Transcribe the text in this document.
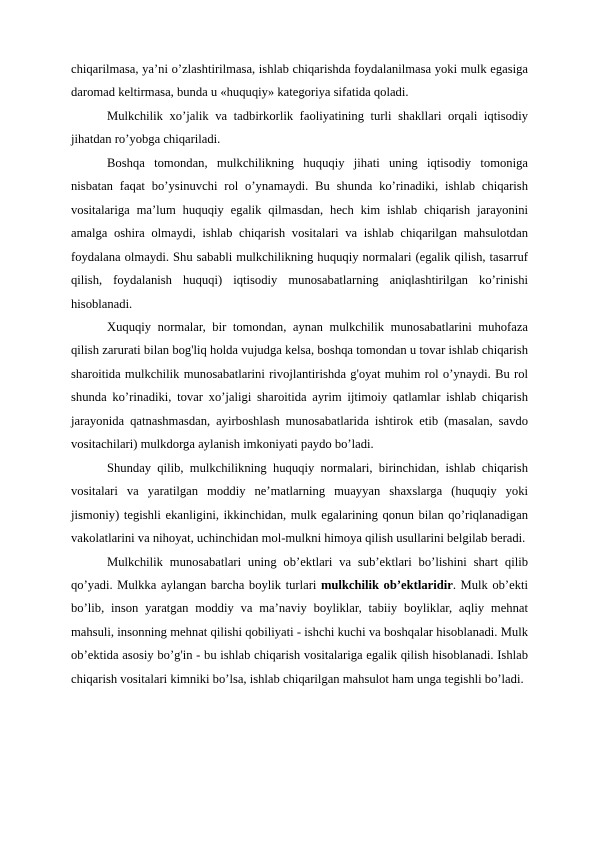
chiqarilmasa, ya’ni o’zlashtirilmasa, ishlab chiqarishda foydalanilmasa yoki mulk egasiga daromad keltirmasa, bunda u «huquqiy» kategoriya sifatida qoladi.

Mulkchilik xo’jalik va tadbirkorlik faoliyatining turli shakllari orqali iqtisodiy jihatdan ro’yobga chiqariladi.

Boshqa tomondan, mulkchilikning huquqiy jihati uning iqtisodiy tomoniga nisbatan faqat bo’ysinuvchi rol o’ynamaydi. Bu shunda ko’rinadiki, ishlab chiqarish vositalariga ma’lum huquqiy egalik qilmasdan, hech kim ishlab chiqarish jarayonini amalga oshira olmaydi, ishlab chiqarish vositalari va ishlab chiqarilgan mahsulotdan foydalana olmaydi. Shu sababli mulkchilikning huquqiy normalari (egalik qilish, tasarruf qilish, foydalanish huquqi) iqtisodiy munosabatlarning aniqlashtirilgan ko’rinishi hisoblanadi.

Xuquqiy normalar, bir tomondan, aynan mulkchilik munosabatlarini muhofaza qilish zarurati bilan bog'liq holda vujudga kelsa, boshqa tomondan u tovar ishlab chiqarish sharoitida mulkchilik munosabatlarini rivojlantirishda g'oyat muhim rol o’ynaydi. Bu rol shunda ko’rinadiki, tovar xo’jaligi sharoitida ayrim ijtimoiy qatlamlar ishlab chiqarish jarayonida qatnashmasdan, ayirboshlash munosabatlarida ishtirok etib (masalan, savdo vositachilari) mulkdorga aylanish imkoniyati paydo bo’ladi.

Shunday qilib, mulkchilikning huquqiy normalari, birinchidan, ishlab chiqarish vositalari va yaratilgan moddiy ne’matlarning muayyan shaxslarga (huquqiy yoki jismoniy) tegishli ekanligini, ikkinchidan, mulk egalarining qonun bilan qo’riqlanadigan vakolatlarini va nihoyat, uchinchidan mol-mulkni himoya qilish usullarini belgilab beradi.

Mulkchilik munosabatlari uning ob’ektlari va sub’ektlari bo’lishini shart qilib qo’yadi. Mulkka aylangan barcha boylik turlari mulkchilik ob’ektlaridir. Mulk ob’ekti bo’lib, inson yaratgan moddiy va ma’naviy boyliklar, tabiiy boyliklar, aqliy mehnat mahsuli, insonning mehnat qilishi qobiliyati - ishchi kuchi va boshqalar hisoblanadi. Mulk ob’ektida asosiy bo’g'in - bu ishlab chiqarish vositalariga egalik qilish hisoblanadi. Ishlab chiqarish vositalari kimniki bo’lsa, ishlab chiqarilgan mahsulot ham unga tegishli bo’ladi.
